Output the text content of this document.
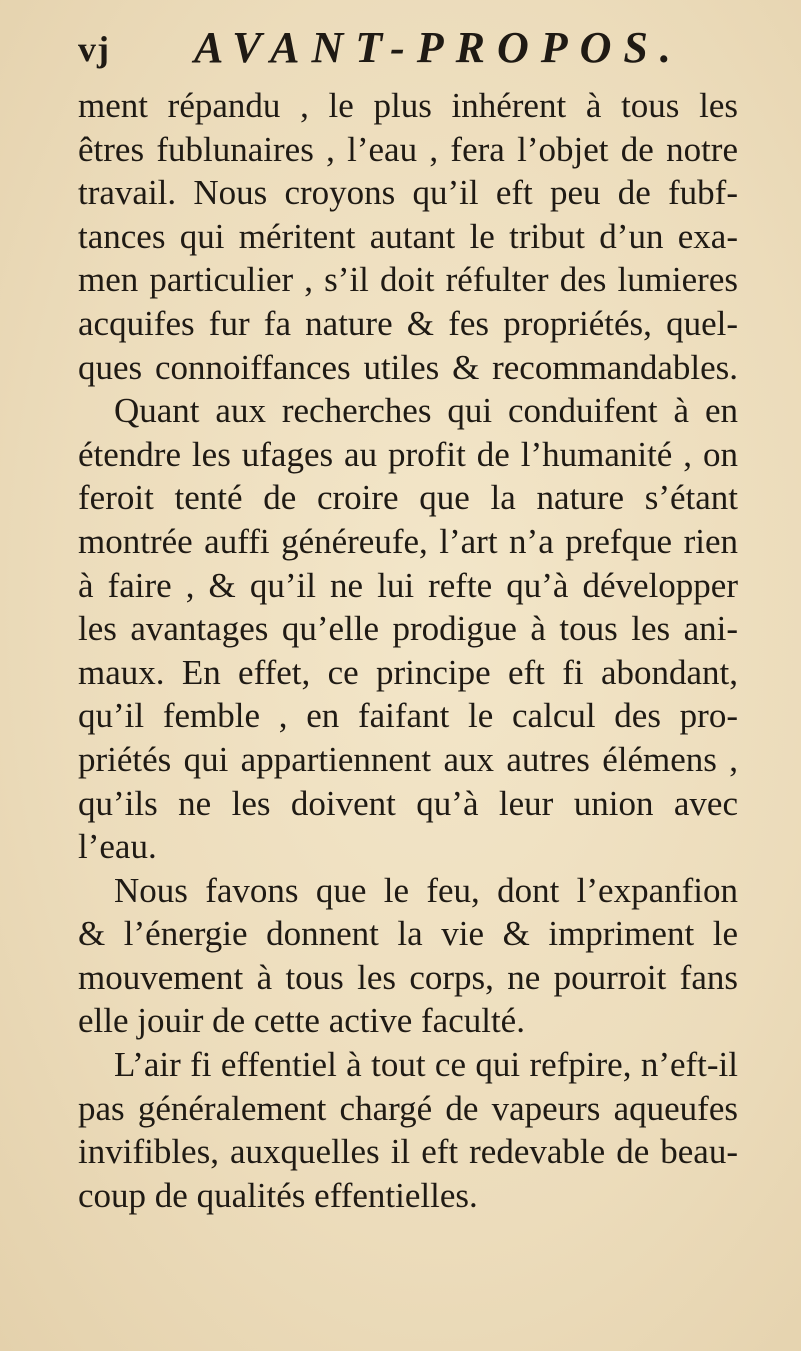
vj AVANT-PROPOS.
ment répandu , le plus inhérent à tous les
êtres fublunaires , l’eau , fera l’objet de notre
travail. Nous croyons qu’il eft peu de fubf-
tances qui méritent autant le tribut d’un exa-
men particulier , s’il doit réfulter des lumieres
acquifes fur fa nature & fes propriétés, quel-
ques connoiffances utiles & recommandables.
Quant aux recherches qui conduifent à en
étendre les ufages au profit de l’humanité , on
feroit tenté de croire que la nature s’étant
montrée auffi généreufe, l’art n’a prefque rien
à faire , & qu’il ne lui refte qu’à développer
les avantages qu’elle prodigue à tous les ani-
maux. En effet, ce principe eft fi abondant,
qu’il femble , en faifant le calcul des pro-
priétés qui appartiennent aux autres élémens ,
qu’ils ne les doivent qu’à leur union avec
l’eau.
Nous favons que le feu, dont l’expanfion
& l’énergie donnent la vie & impriment le
mouvement à tous les corps, ne pourroit fans
elle jouir de cette active faculté.
L’air fi effentiel à tout ce qui refpire, n’eft-il
pas généralement chargé de vapeurs aqueufes
invifibles, auxquelles il eft redevable de beau-
coup de qualités effentielles.
